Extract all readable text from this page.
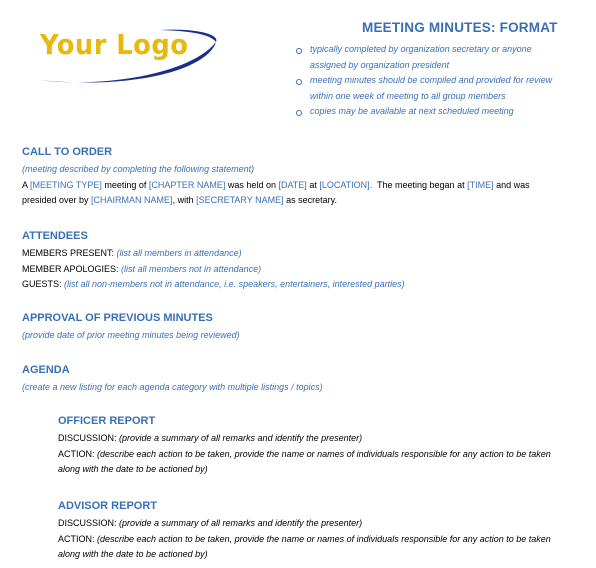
Your Logo
MEETING MINUTES: FORMAT
typically completed by organization secretary or anyone
assigned by organization president
meeting minutes should be compiled and provided for review
within one week of meeting to all group members
copies may be available at next scheduled meeting
CALL TO ORDER
(meeting described by completing the following statement)
A [MEETING TYPE] meeting of [CHAPTER NAME] was held on [DATE] at [LOCATION].  The meeting began at [TIME] and was
presided over by [CHAIRMAN NAME], with [SECRETARY NAME] as secretary.
ATTENDEES
MEMBERS PRESENT: (list all members in attendance)
MEMBER APOLOGIES: (list all members not in attendance)
GUESTS: (list all non-members not in attendance, i.e. speakers, entertainers, interested parties)
APPROVAL OF PREVIOUS MINUTES
(provide date of prior meeting minutes being reviewed)
AGENDA
(create a new listing for each agenda category with multiple listings / topics)
OFFICER REPORT
DISCUSSION: (provide a summary of all remarks and identify the presenter)
ACTION: (describe each action to be taken, provide the name or names of individuals responsible for any action to be taken
along with the date to be actioned by)
ADVISOR REPORT
DISCUSSION: (provide a summary of all remarks and identify the presenter)
ACTION: (describe each action to be taken, provide the name or names of individuals responsible for any action to be taken
along with the date to be actioned by)
